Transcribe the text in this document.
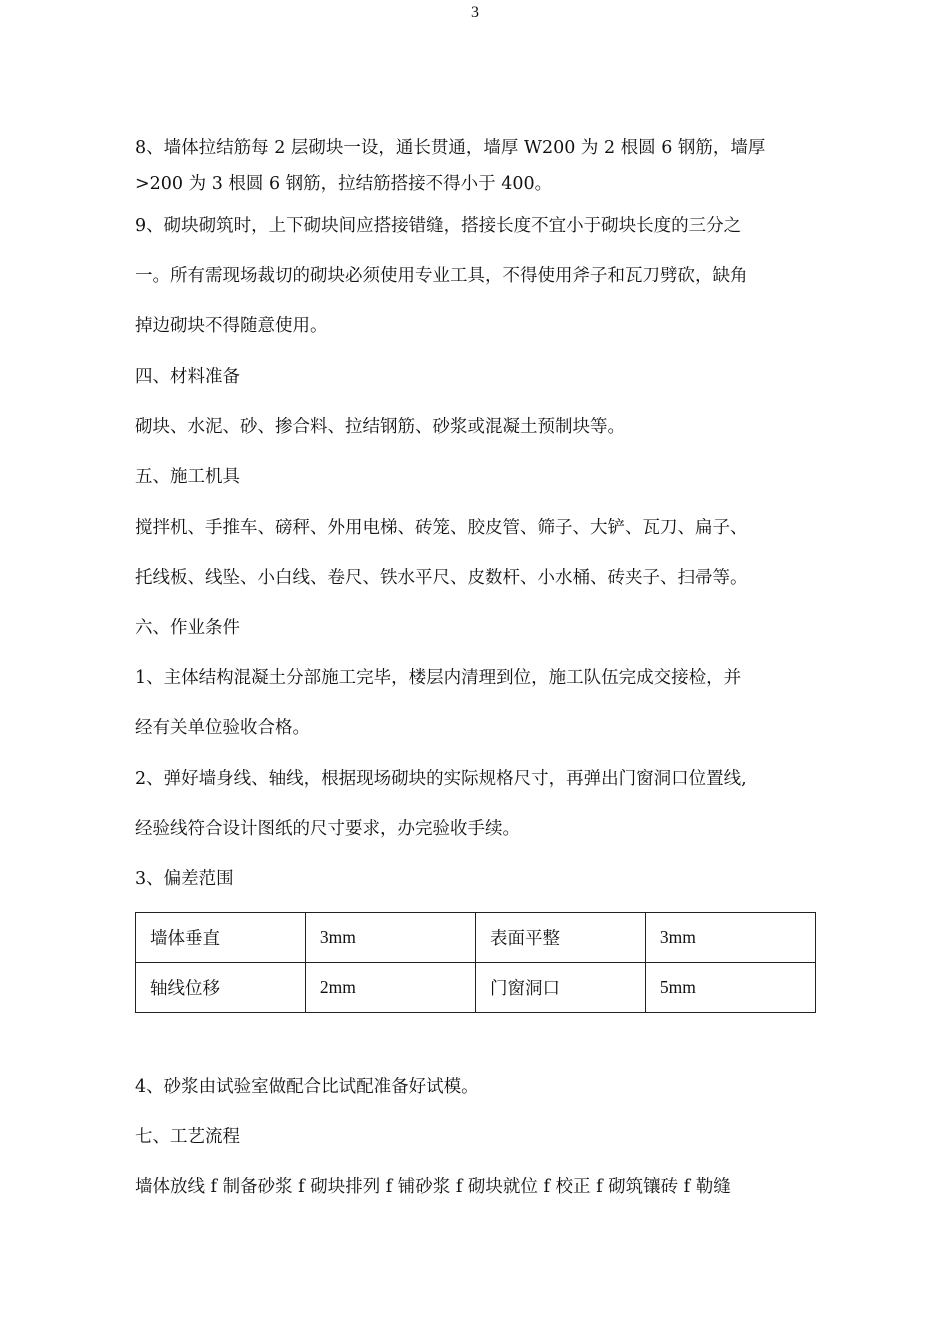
3
8、墙体拉结筋每 2 层砌块一设，通长贯通，墙厚 W200 为 2 根圆 6 钢筋，墙厚
>200 为 3 根圆 6 钢筋，拉结筋搭接不得小于 400。
9、砌块砌筑时，上下砌块间应搭接错缝，搭接长度不宜小于砌块长度的三分之
一。所有需现场裁切的砌块必须使用专业工具，不得使用斧子和瓦刀劈砍，缺角
掉边砌块不得随意使用。
四、材料准备
砌块、水泥、砂、掺合料、拉结钢筋、砂浆或混凝土预制块等。
五、施工机具
搅拌机、手推车、磅秤、外用电梯、砖笼、胶皮管、筛子、大铲、瓦刀、扁子、
托线板、线坠、小白线、卷尺、铁水平尺、皮数杆、小水桶、砖夹子、扫帚等。
六、作业条件
1、主体结构混凝土分部施工完毕，楼层内清理到位，施工队伍完成交接检，并
经有关单位验收合格。
2、弹好墙身线、轴线，根据现场砌块的实际规格尺寸，再弹出门窗洞口位置线,
经验线符合设计图纸的尺寸要求，办完验收手续。
3、偏差范围
墙体垂直	3mm	表面平整	3mm
轴线位移	2mm	门窗洞口	5mm
4、砂浆由试验室做配合比试配准备好试模。
七、工艺流程
墙体放线 f 制备砂浆 f 砌块排列 f 铺砂浆 f 砌块就位 f 校正 f 砌筑镶砖 f 勒缝
